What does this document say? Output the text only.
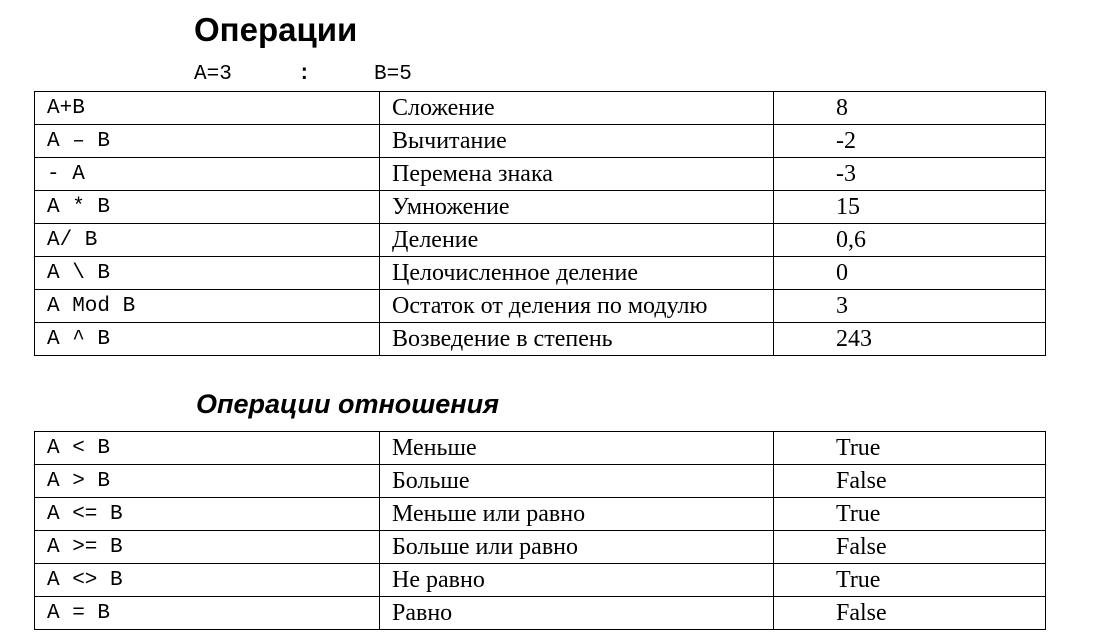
Операции

A=3

	:

	B=5

A+B	Сложение	8
A – B	Вычитание	-2
- A	Перемена знака	-3
A * B	Умножение	15
A/ B	Деление	0,6
A \ B	Целочисленное деление	0
A Mod B	Остаток от деления по модулю	3
A ^ B	Возведение в степень	243
Операции отношения
A < B	Меньше	True
A > B	Больше	False
A <= B	Меньше или равно	True
A >= B	Больше или равно	False
A <> B	Не равно	True
A = B	Равно	False
